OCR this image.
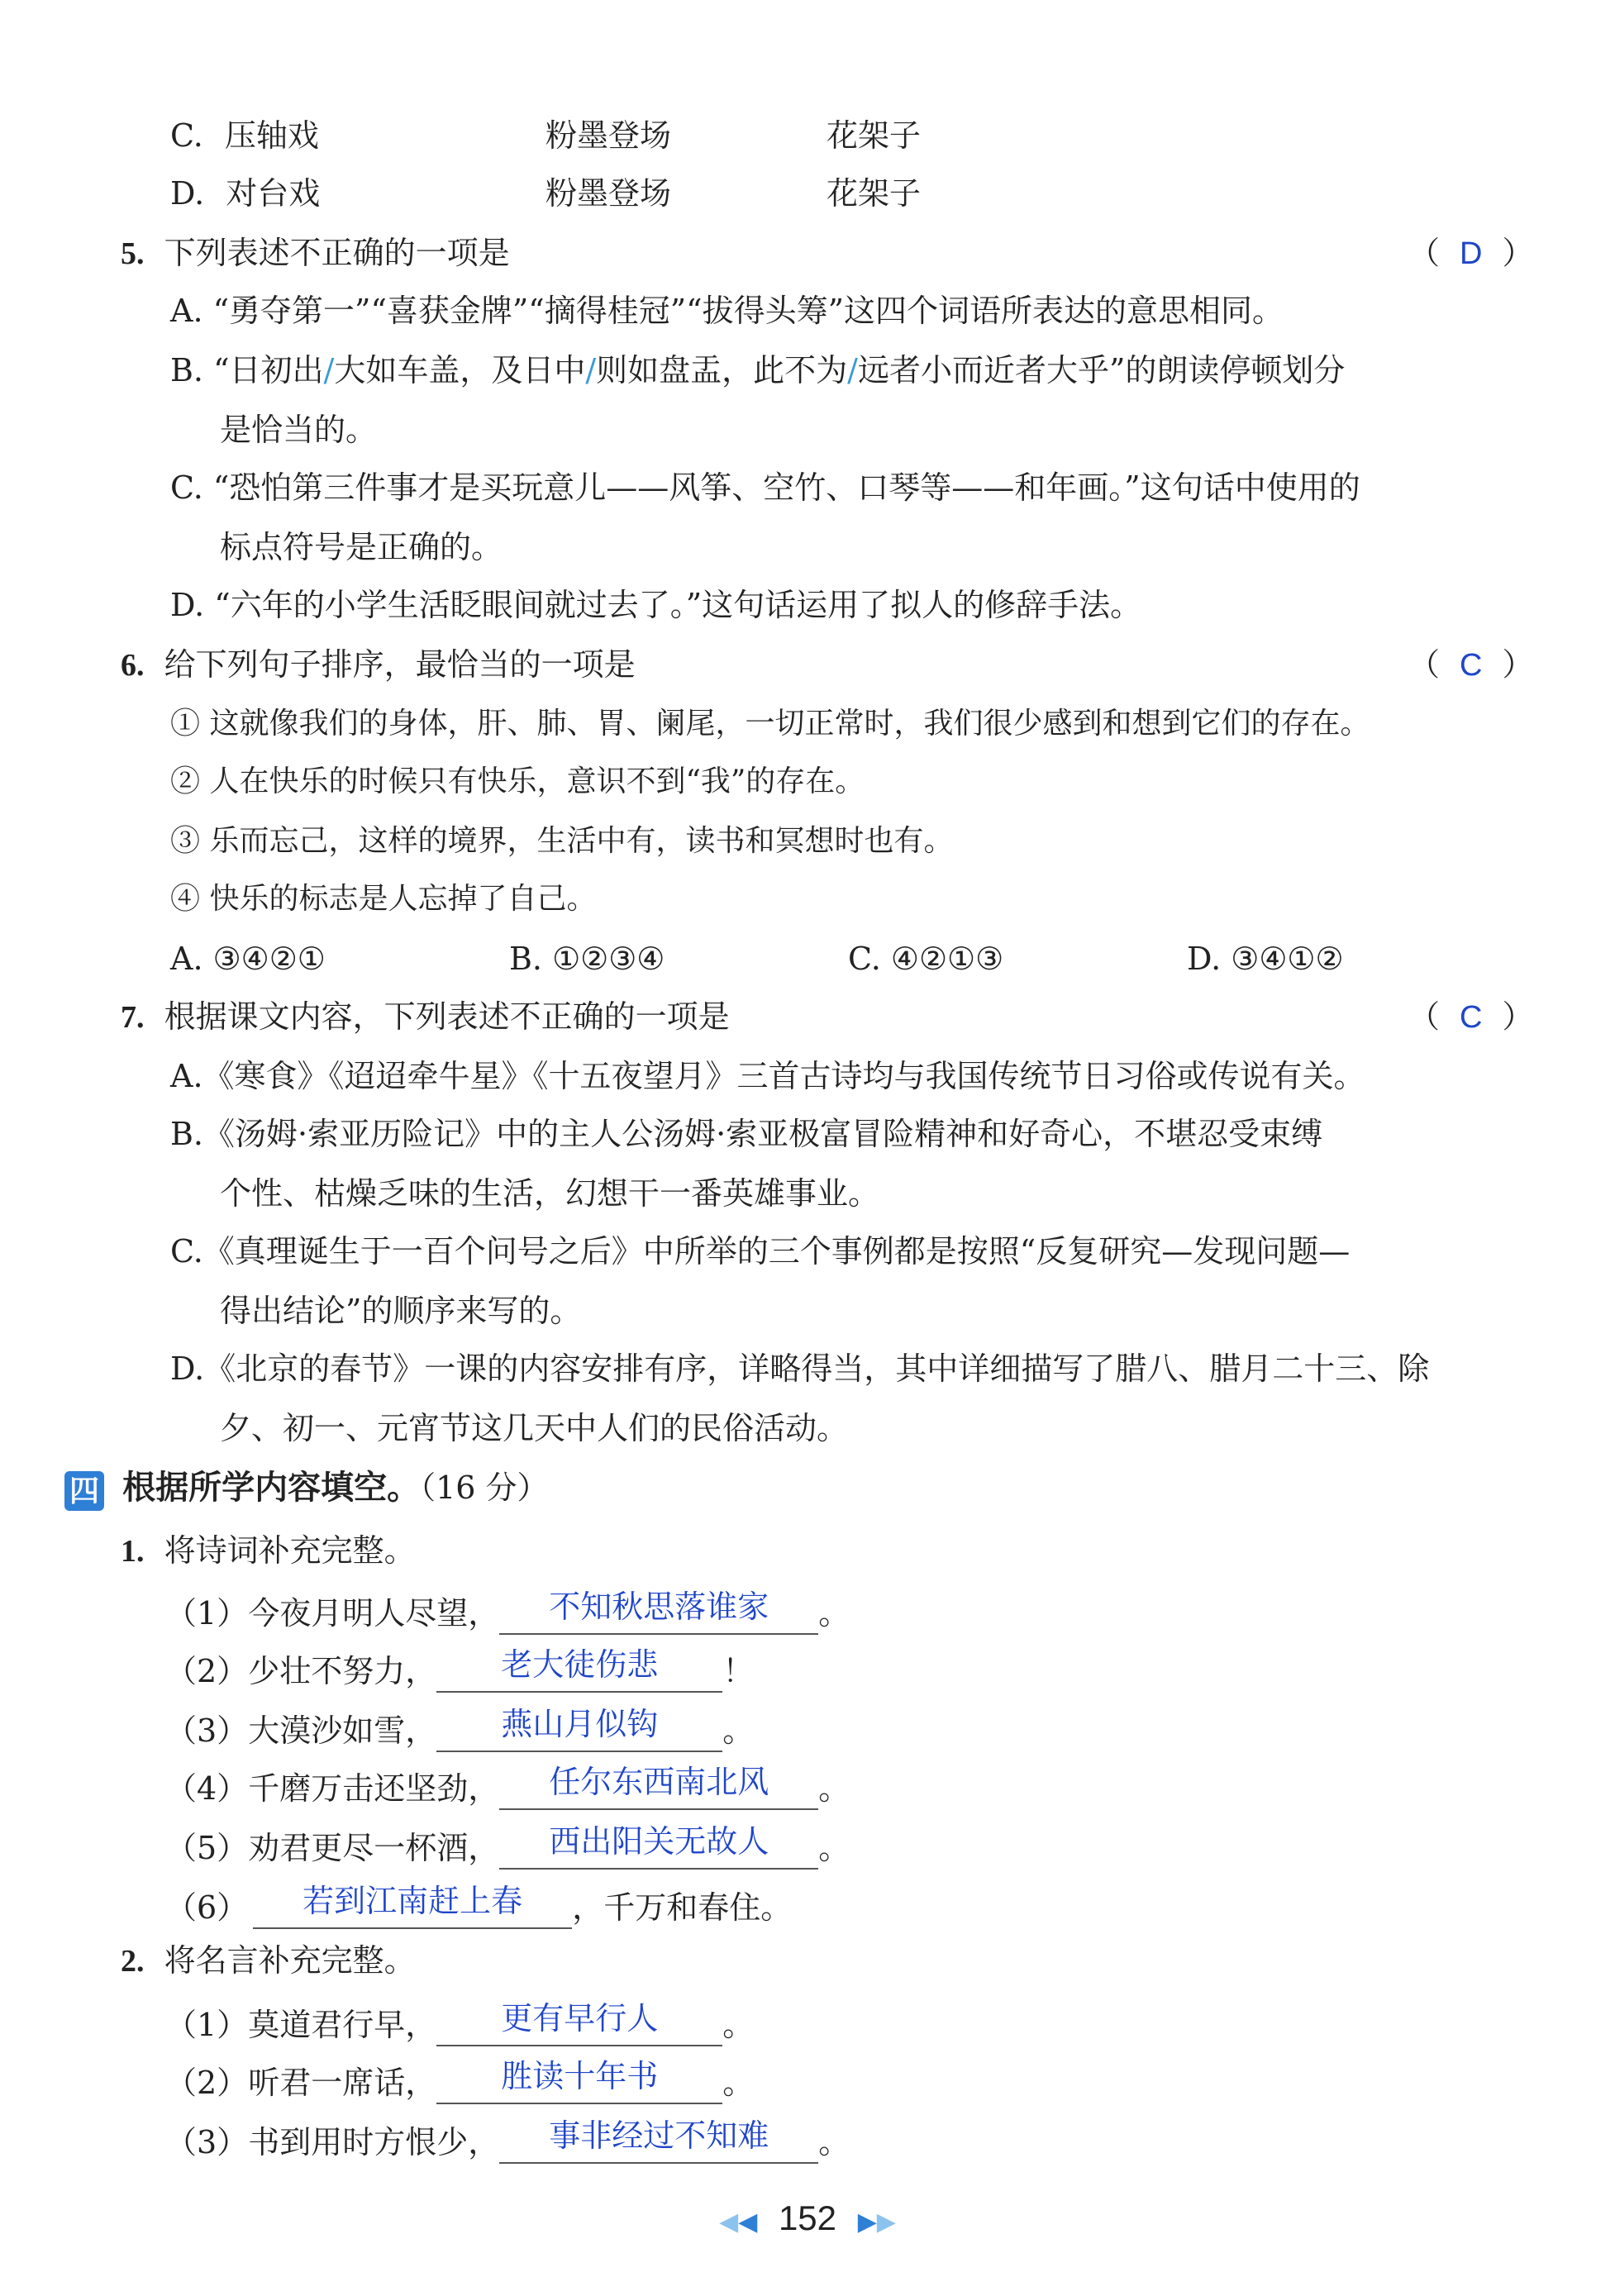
C. 压轴戏	粉墨登场	花架子
D. 对台戏	粉墨登场	花架子
5. 下列表述不正确的一项是	（ D ）
A. “勇夺第一”“喜获金牌”“摘得桂冠”“拔得头筹”这四个词语所表达的意思相同。
B. “日初出/大如车盖，及日中/则如盘盂，此不为/远者小而近者大乎”的朗读停顿划分
是恰当的。
C. “恐怕第三件事才是买玩意儿——风筝、空竹、口琴等——和年画。”这句话中使用的
标点符号是正确的。
D. “六年的小学生活眨眼间就过去了。”这句话运用了拟人的修辞手法。
6. 给下列句子排序，最恰当的一项是	（ C ）
① 这就像我们的身体，肝、肺、胃、阑尾，一切正常时，我们很少感到和想到它们的存在。
② 人在快乐的时候只有快乐，意识不到“我”的存在。
③ 乐而忘己，这样的境界，生活中有，读书和冥想时也有。
④ 快乐的标志是人忘掉了自己。
A. ③④②①	B. ①②③④	C. ④②①③	D. ③④①②
7. 根据课文内容，下列表述不正确的一项是	（ C ）
A.《寒食》《迢迢牵牛星》《十五夜望月》三首古诗均与我国传统节日习俗或传说有关。
B.《汤姆·索亚历险记》中的主人公汤姆·索亚极富冒险精神和好奇心，不堪忍受束缚
个性、枯燥乏味的生活，幻想干一番英雄事业。
C.《真理诞生于一百个问号之后》中所举的三个事例都是按照“反复研究—发现问题—
得出结论”的顺序来写的。
D.《北京的春节》一课的内容安排有序，详略得当，其中详细描写了腊八、腊月二十三、除
夕、初一、元宵节这几天中人们的民俗活动。
四 根据所学内容填空。（16 分）
1. 将诗词补充完整。
（1）今夜月明人尽望， 不知秋思落谁家 。
（2）少壮不努力， 老大徒伤悲 ！
（3）大漠沙如雪， 燕山月似钩 。
（4）千磨万击还坚劲， 任尔东西南北风 。
（5）劝君更尽一杯酒， 西出阳关无故人 。
（6） 若到江南赶上春 ，千万和春住。
2. 将名言补充完整。
（1）莫道君行早， 更有早行人 。
（2）听君一席话， 胜读十年书 。
（3）书到用时方恨少， 事非经过不知难 。
◀◀ 152 ▶▶
